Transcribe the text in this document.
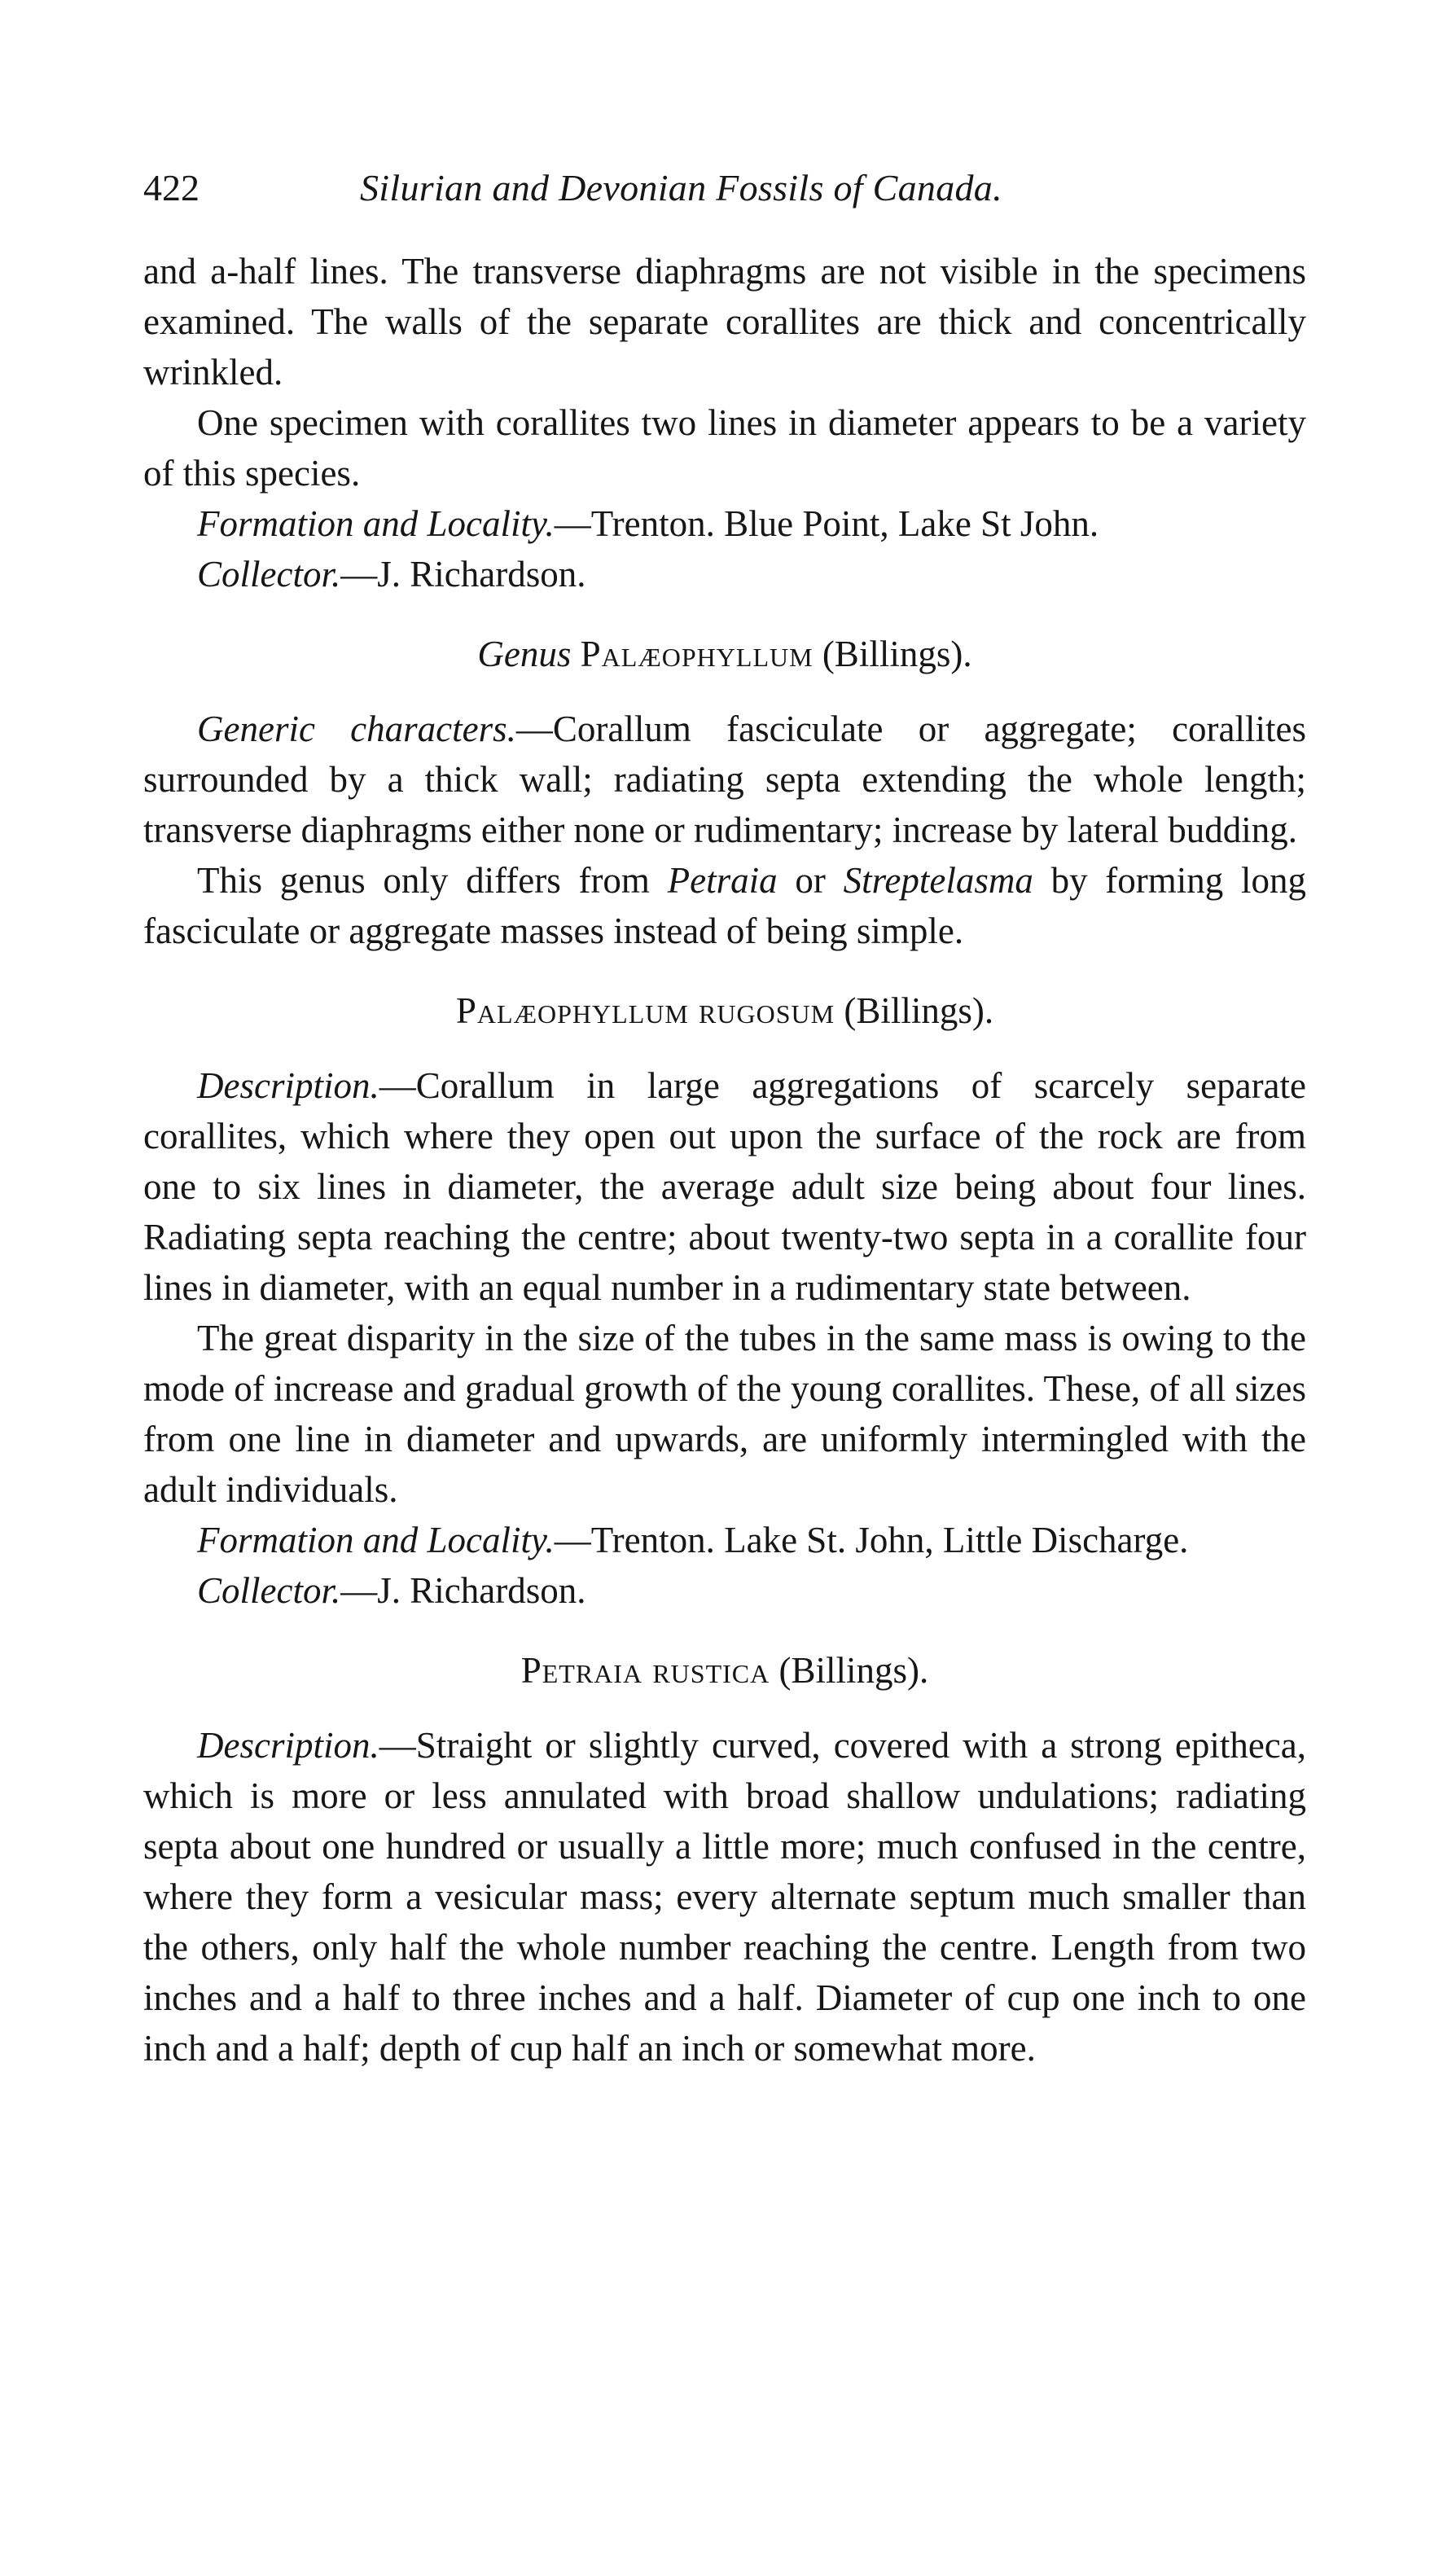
422	Silurian and Devonian Fossils of Canada.

and a-half lines. The transverse diaphragms are not visible in the specimens examined. The walls of the separate corallites are thick and concentrically wrinkled.

One specimen with corallites two lines in diameter appears to be a variety of this species.

Formation and Locality.—Trenton. Blue Point, Lake St John.

Collector.—J. Richardson.

Genus Palæophyllum (Billings).

Generic characters.—Corallum fasciculate or aggregate; corallites surrounded by a thick wall; radiating septa extending the whole length; transverse diaphragms either none or rudimentary; increase by lateral budding.

This genus only differs from Petraia or Streptelasma by forming long fasciculate or aggregate masses instead of being simple.

Palæophyllum rugosum (Billings).

Description.—Corallum in large aggregations of scarcely separate corallites, which where they open out upon the surface of the rock are from one to six lines in diameter, the average adult size being about four lines. Radiating septa reaching the centre; about twenty-two septa in a corallite four lines in diameter, with an equal number in a rudimentary state between.

The great disparity in the size of the tubes in the same mass is owing to the mode of increase and gradual growth of the young corallites. These, of all sizes from one line in diameter and upwards, are uniformly intermingled with the adult individuals.

Formation and Locality.—Trenton. Lake St. John, Little Discharge.

Collector.—J. Richardson.

Petraia rustica (Billings).

Description.—Straight or slightly curved, covered with a strong epitheca, which is more or less annulated with broad shallow undulations; radiating septa about one hundred or usually a little more; much confused in the centre, where they form a vesicular mass; every alternate septum much smaller than the others, only half the whole number reaching the centre. Length from two inches and a half to three inches and a half. Diameter of cup one inch to one inch and a half; depth of cup half an inch or somewhat more.
